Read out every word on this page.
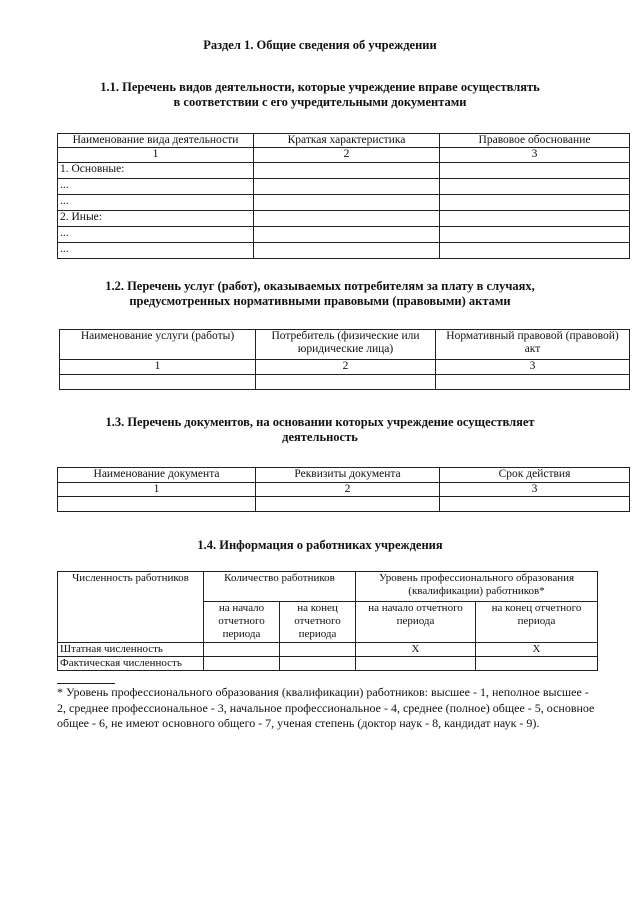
Раздел 1. Общие сведения об учреждении
1.1. Перечень видов деятельности, которые учреждение вправе осуществлять
в соответствии с его учредительными документами
Наименование вида деятельности	Краткая характеристика	Правовое обоснование
1	2	3
1. Основные:		
...		
...		
2. Иные:		
...		
...		
1.2. Перечень услуг (работ), оказываемых потребителям за плату в случаях,
предусмотренных нормативными правовыми (правовыми) актами
Наименование услуги (работы)	Потребитель (физические или юридические лица)	Нормативный правовой (правовой) акт
1	2	3

1.3. Перечень документов, на основании которых учреждение осуществляет
деятельность
Наименование документа	Реквизиты документа	Срок действия
1	2	3

1.4. Информация о работниках учреждения
Численность работников	Количество работников		Уровень профессионального образования (квалификации) работников*	
	на начало отчетного периода	на конец отчетного периода	на начало отчетного периода	на конец отчетного периода
Штатная численность			X	X
Фактическая численность				
* Уровень профессионального образования (квалификации) работников: высшее - 1, неполное высшее - 2, среднее профессиональное - 3, начальное профессиональное - 4, среднее (полное) общее - 5, основное общее - 6, не имеют основного общего - 7, ученая степень (доктор наук - 8, кандидат наук - 9).
